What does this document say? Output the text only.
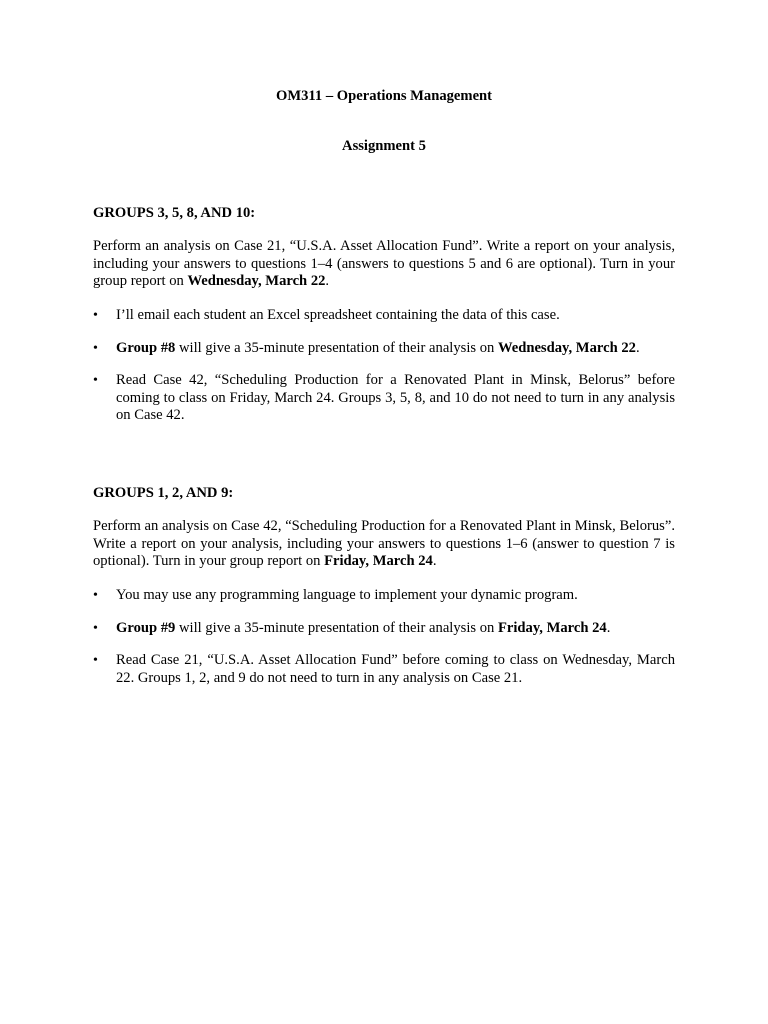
OM311 – Operations Management
Assignment 5
GROUPS 3, 5, 8, AND 10:

Perform an analysis on Case 21, “U.S.A. Asset Allocation Fund”. Write a report on your analysis, including your answers to questions 1–4 (answers to questions 5 and 6 are optional). Turn in your group report on Wednesday, March 22.

• I’ll email each student an Excel spreadsheet containing the data of this case.
• Group #8 will give a 35-minute presentation of their analysis on Wednesday, March 22.
• Read Case 42, “Scheduling Production for a Renovated Plant in Minsk, Belorus” before coming to class on Friday, March 24. Groups 3, 5, 8, and 10 do not need to turn in any analysis on Case 42.
GROUPS 1, 2, AND 9:

Perform an analysis on Case 42, “Scheduling Production for a Renovated Plant in Minsk, Belorus”. Write a report on your analysis, including your answers to questions 1–6 (answer to question 7 is optional). Turn in your group report on Friday, March 24.

• You may use any programming language to implement your dynamic program.
• Group #9 will give a 35-minute presentation of their analysis on Friday, March 24.
• Read Case 21, “U.S.A. Asset Allocation Fund” before coming to class on Wednesday, March 22. Groups 1, 2, and 9 do not need to turn in any analysis on Case 21.
